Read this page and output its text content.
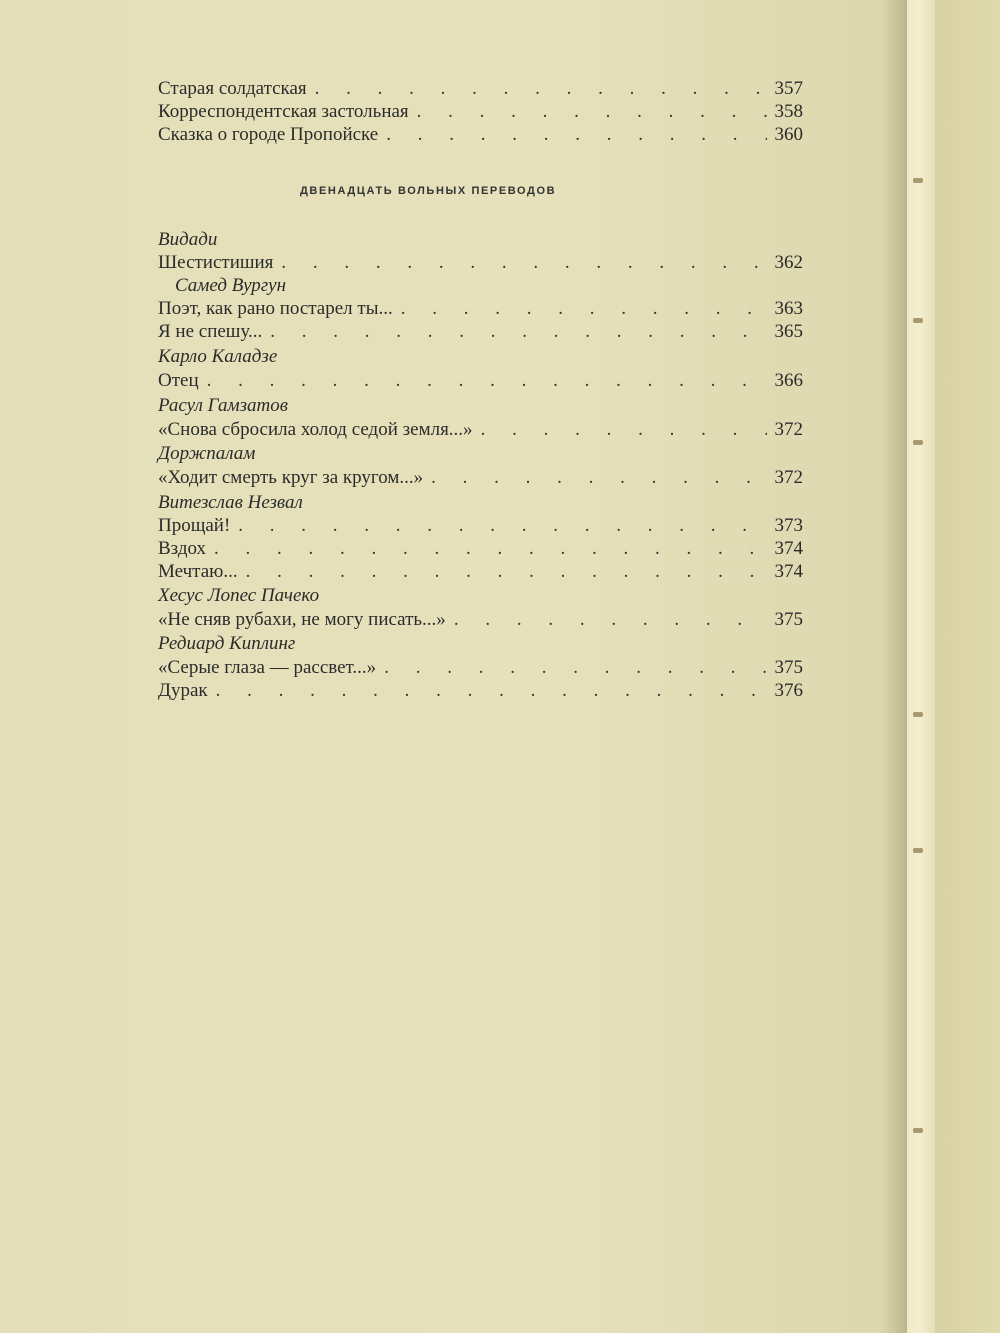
Старая солдатская . . .	357
Корреспондентская застольная . . .	358
Сказка о городе Пропойске . . .	360
ДВЕНАДЦАТЬ ВОЛЬНЫХ ПЕРЕВОДОВ
Видади
Шестистишия . . .	362
Самед Вургун
Поэт, как рано постарел ты... . . .	363
Я не спешу... . . .	365
Карло Каладзе
Отец . . .	366
Расул Гамзатов
«Снова сбросила холод седой земля...» . . .	372
Доржпалам
«Ходит смерть круг за кругом...» . . .	372
Витезслав Незвал
Прощай! . . .	373
Вздох . . .	374
Мечтаю... . . .	374
Хесус Лопес Пачеко
«Не сняв рубахи, не могу писать...» . . .	375
Редиард Киплинг
«Серые глаза — рассвет...» . . .	375
Дурак . . .	376
